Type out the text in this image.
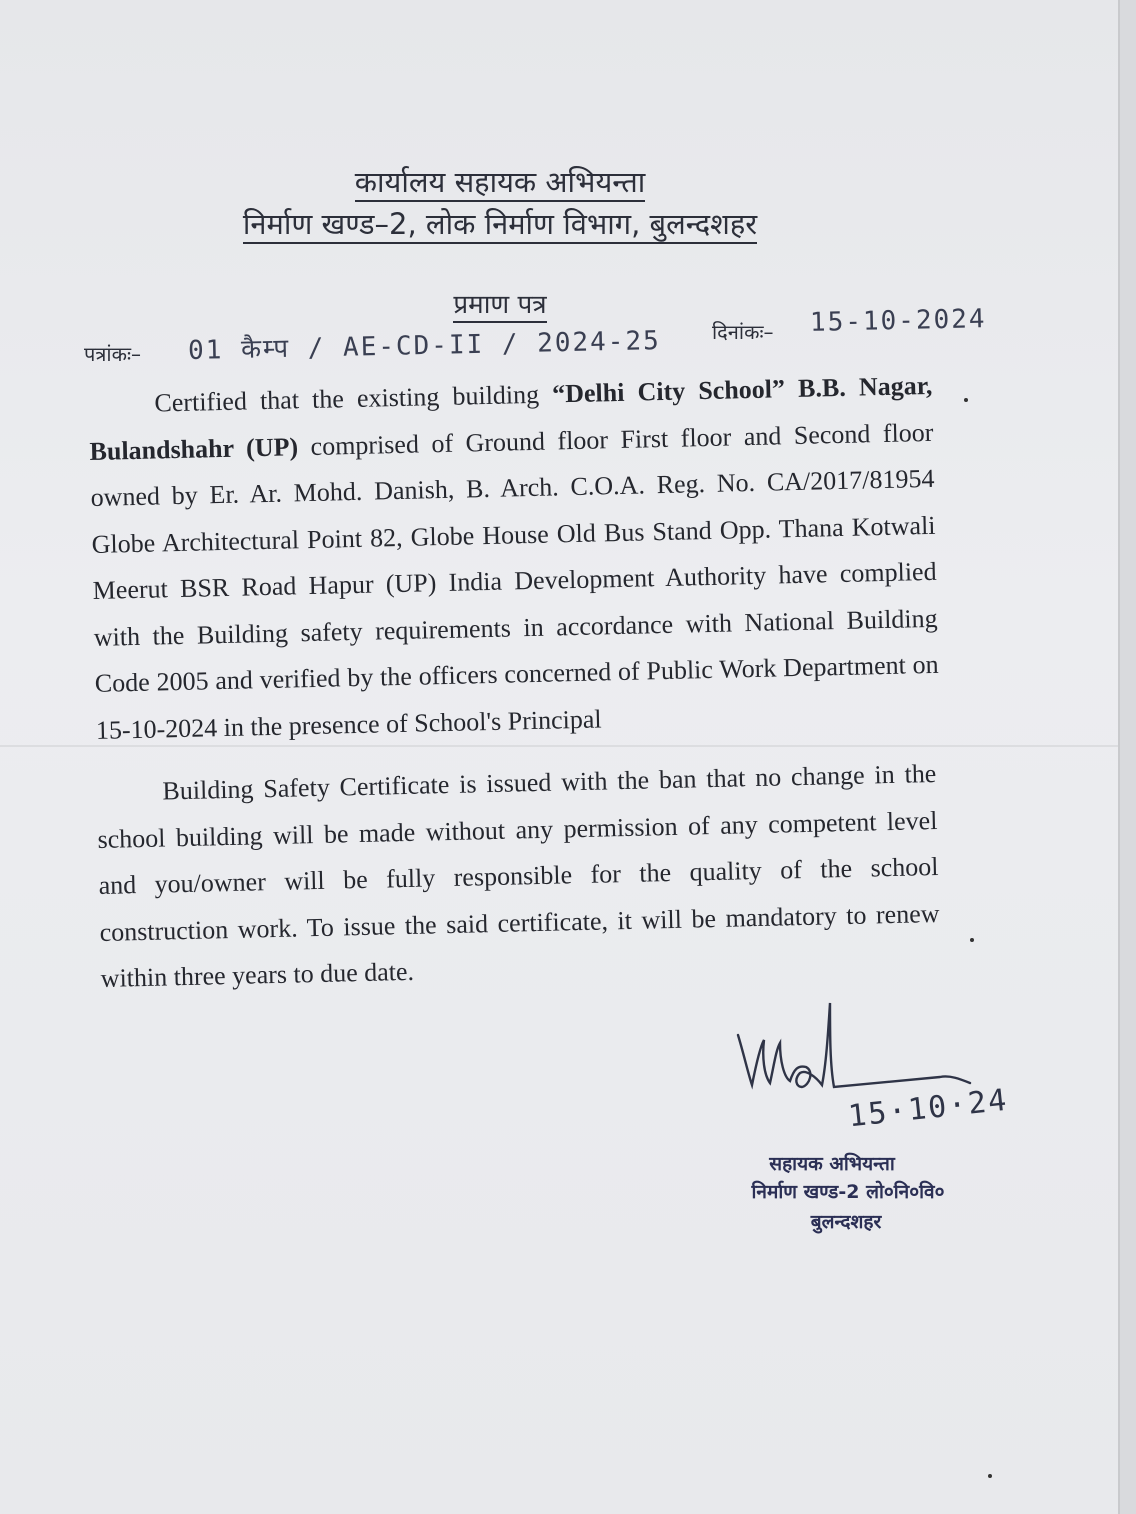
कार्यालय सहायक अभियन्ता
निर्माण खण्ड–2, लोक निर्माण विभाग, बुलन्दशहर
प्रमाण पत्र
पत्रांकः– 01 कैम्प / AE-CD-II / 2024-25	दिनांकः– 15-10-2024
Certified that the existing building “Delhi City School” B.B. Nagar, Bulandshahr (UP) comprised of Ground floor First floor and Second floor owned by Er. Ar. Mohd. Danish, B. Arch. C.O.A. Reg. No. CA/2017/81954 Globe Architectural Point 82, Globe House Old Bus Stand Opp. Thana Kotwali Meerut BSR Road Hapur (UP) India Development Authority have complied with the Building safety requirements in accordance with National Building Code 2005 and verified by the officers concerned of Public Work Department on 15-10-2024 in the presence of School's Principal
Building Safety Certificate is issued with the ban that no change in the school building will be made without any permission of any competent level and you/owner will be fully responsible for the quality of the school construction work. To issue the said certificate, it will be mandatory to renew within three years to due date.
15·10·24
सहायक अभियन्ता
निर्माण खण्ड-2 लो०नि०वि०
बुलन्दशहर
